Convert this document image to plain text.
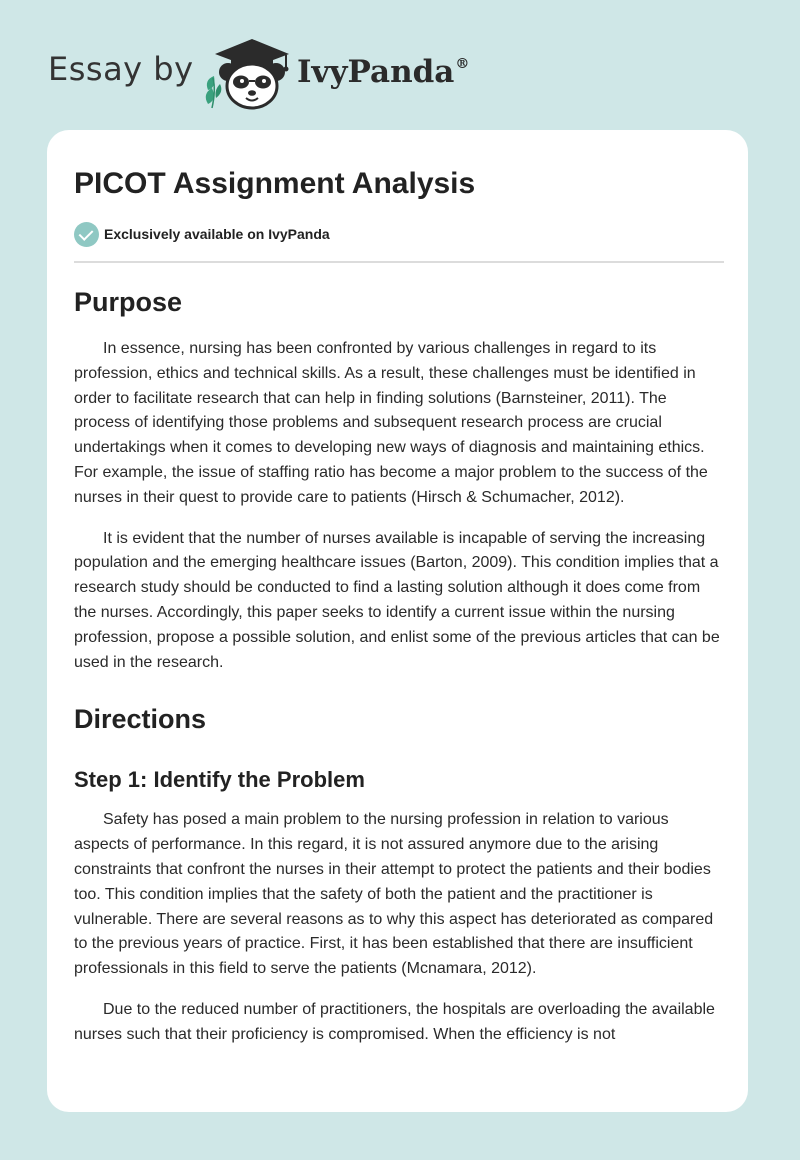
Essay by	IvyPanda®
PICOT Assignment Analysis
Exclusively available on IvyPanda
Purpose

In essence, nursing has been confronted by various challenges in regard to its profession, ethics and technical skills. As a result, these challenges must be identified in order to facilitate research that can help in finding solutions (Barnsteiner, 2011). The process of identifying those problems and subsequent research process are crucial undertakings when it comes to developing new ways of diagnosis and maintaining ethics. For example, the issue of staffing ratio has become a major problem to the success of the nurses in their quest to provide care to patients (Hirsch & Schumacher, 2012).

It is evident that the number of nurses available is incapable of serving the increasing population and the emerging healthcare issues (Barton, 2009). This condition implies that a research study should be conducted to find a lasting solution although it does come from the nurses. Accordingly, this paper seeks to identify a current issue within the nursing profession, propose a possible solution, and enlist some of the previous articles that can be used in the research.

Directions
Step 1: Identify the Problem

Safety has posed a main problem to the nursing profession in relation to various aspects of performance. In this regard, it is not assured anymore due to the arising constraints that confront the nurses in their attempt to protect the patients and their bodies too. This condition implies that the safety of both the patient and the practitioner is vulnerable. There are several reasons as to why this aspect has deteriorated as compared to the previous years of practice. First, it has been established that there are insufficient professionals in this field to serve the patients (Mcnamara, 2012).

Due to the reduced number of practitioners, the hospitals are overloading the available nurses such that their proficiency is compromised. When the efficiency is not
